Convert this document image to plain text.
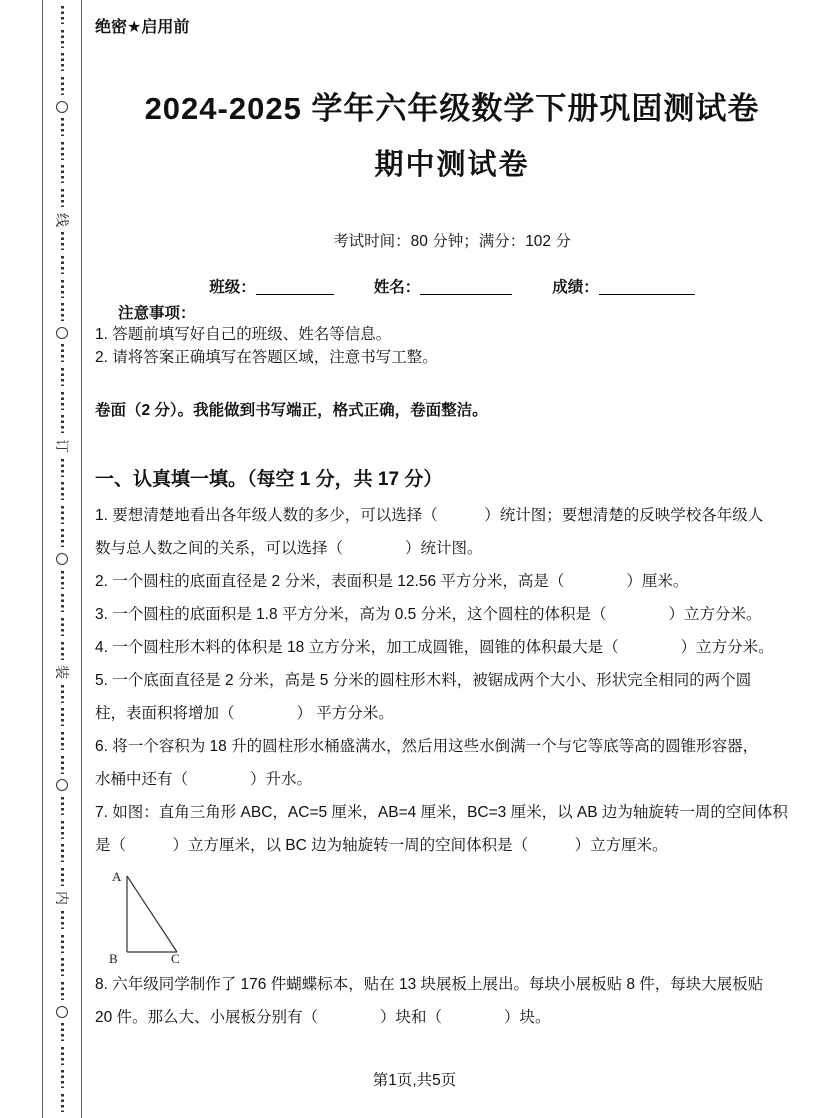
线
订
装
内
绝密★启用前
2024-2025 学年六年级数学下册巩固测试卷
期中测试卷
考试时间：80 分钟；满分：102 分
班级：	姓名：	成绩：
注意事项：
1. 答题前填写好自己的班级、姓名等信息。
2. 请将答案正确填写在答题区域，注意书写工整。
卷面（2 分）。我能做到书写端正，格式正确，卷面整洁。
一、认真填一填。（每空 1 分，共 17 分）
1. 要想清楚地看出各年级人数的多少，可以选择（　　　）统计图；要想清楚的反映学校各年级人
数与总人数之间的关系，可以选择（　　　　）统计图。
2. 一个圆柱的底面直径是 2 分米，表面积是 12.56 平方分米，高是（　　　　）厘米。
3. 一个圆柱的底面积是 1.8 平方分米，高为 0.5 分米，这个圆柱的体积是（　　　　）立方分米。
4. 一个圆柱形木料的体积是 18 立方分米，加工成圆锥，圆锥的体积最大是（　　　　）立方分米。
5. 一个底面直径是 2 分米，高是 5 分米的圆柱形木料，被锯成两个大小、形状完全相同的两个圆
柱，表面积将增加（　　　　） 平方分米。
6. 将一个容积为 18 升的圆柱形水桶盛满水，然后用这些水倒满一个与它等底等高的圆锥形容器，
水桶中还有（　　　　）升水。
7. 如图：直角三角形 ABC，AC=5 厘米，AB=4 厘米，BC=3 厘米，以 AB 边为轴旋转一周的空间体积
是（　　　）立方厘米，以 BC 边为轴旋转一周的空间体积是（　　　）立方厘米。
A
B	C
8. 六年级同学制作了 176 件蝴蝶标本，贴在 13 块展板上展出。每块小展板贴 8 件，每块大展板贴
20 件。那么大、小展板分别有（　　　　）块和（　　　　）块。
第1页,共5页
